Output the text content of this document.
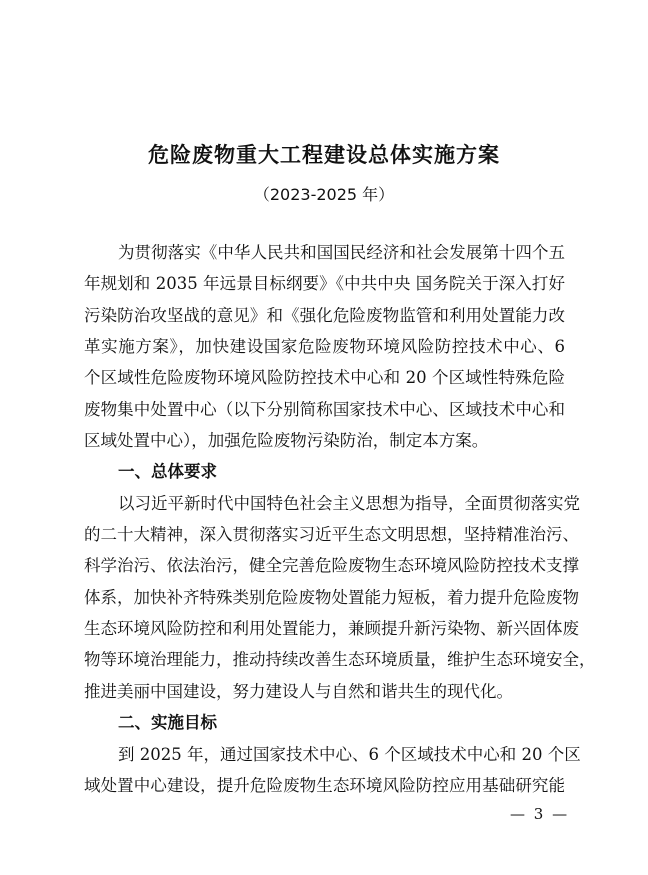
危险废物重大工程建设总体实施方案
（2023-2025 年）
为贯彻落实《中华人民共和国国民经济和社会发展第十四个五
年规划和 2035 年远景目标纲要》《中共中央 国务院关于深入打好
污染防治攻坚战的意见》和《强化危险废物监管和利用处置能力改
革实施方案》，加快建设国家危险废物环境风险防控技术中心、6
个区域性危险废物环境风险防控技术中心和 20 个区域性特殊危险
废物集中处置中心（以下分别简称国家技术中心、区域技术中心和
区域处置中心），加强危险废物污染防治，制定本方案。
一、总体要求
以习近平新时代中国特色社会主义思想为指导，全面贯彻落实党
的二十大精神，深入贯彻落实习近平生态文明思想，坚持精准治污、
科学治污、依法治污，健全完善危险废物生态环境风险防控技术支撑
体系，加快补齐特殊类别危险废物处置能力短板，着力提升危险废物
生态环境风险防控和利用处置能力，兼顾提升新污染物、新兴固体废
物等环境治理能力，推动持续改善生态环境质量，维护生态环境安全，
推进美丽中国建设，努力建设人与自然和谐共生的现代化。
二、实施目标
到 2025 年，通过国家技术中心、6 个区域技术中心和 20 个区
域处置中心建设，提升危险废物生态环境风险防控应用基础研究能
— 3 —
